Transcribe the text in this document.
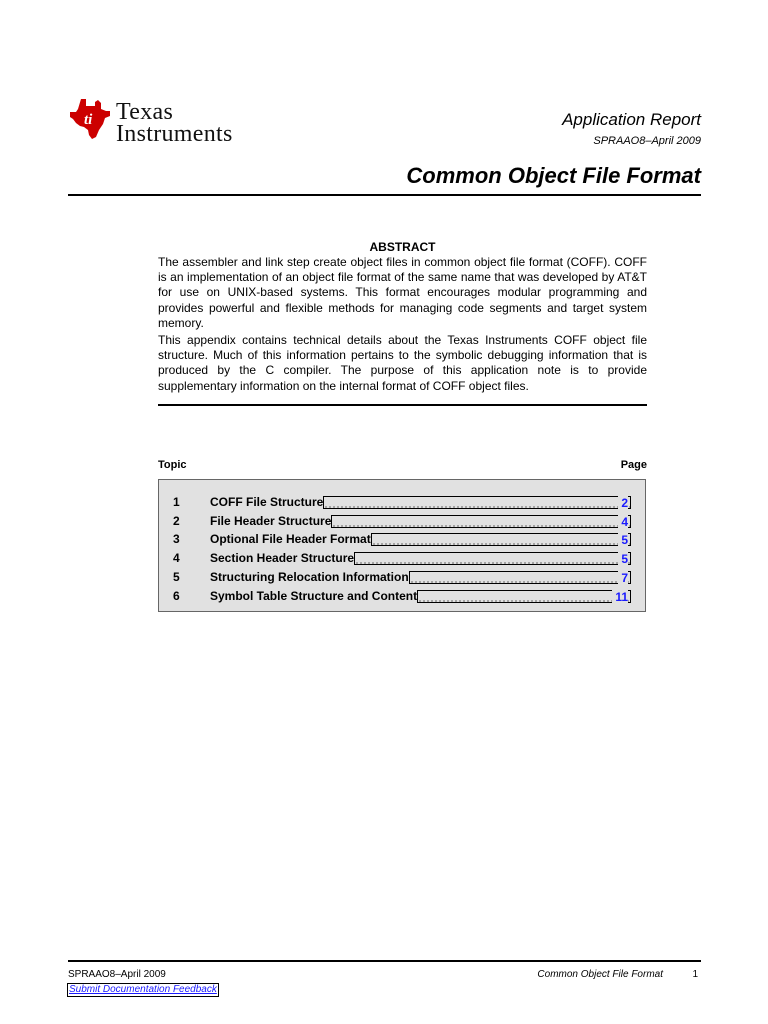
ti Texas
Instruments
Application Report
SPRAAO8–April 2009
Common Object File Format
ABSTRACT
The assembler and link step create object files in common object file format (COFF). COFF is an implementation of an object file format of the same name that was developed by AT&T for use on UNIX-based systems. This format encourages modular programming and provides powerful and flexible methods for managing code segments and target system memory.
This appendix contains technical details about the Texas Instruments COFF object file structure. Much of this information pertains to the symbolic debugging information that is produced by the C compiler. The purpose of this application note is to provide supplementary information on the internal format of COFF object files.
Topic	Page
1	COFF File Structure	2
2	File Header Structure	4
3	Optional File Header Format	5
4	Section Header Structure	5
5	Structuring Relocation Information	7
6	Symbol Table Structure and Content	11
SPRAAO8–April 2009	Common Object File Format	1
Submit Documentation Feedback
